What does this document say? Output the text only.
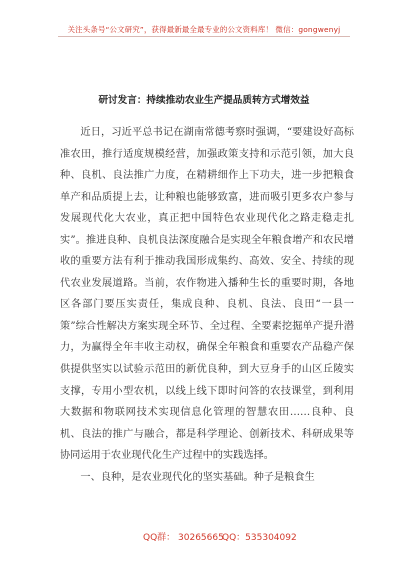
关注头条号“公文研究”，获得最新最全最专业的公文资料库！ 微信：gongwenyj
研讨发言：持续推动农业生产提品质转方式增效益

近日，习近平总书记在湖南常德考察时强调，“要建设好高标准农田，推行适度规模经营，加强政策支持和示范引领，加大良种、良机、良法推广力度，在精耕细作上下功夫，进一步把粮食单产和品质提上去，让种粮也能够致富，进而吸引更多农户参与发展现代化大农业，真正把中国特色农业现代化之路走稳走扎实”。推进良种、良机良法深度融合是实现全年粮食增产和农民增收的重要方法有利于推动我国形成集约、高效、安全、持续的现代农业发展道路。当前，农作物进入播种生长的重要时期，各地区各部门要压实责任，集成良种、良机、良法、良田“一县一策”综合性解决方案实现全环节、全过程、全要素挖掘单产提升潜力，为赢得全年丰收主动权，确保全年粮食和重要农产品稳产保供提供坚实以试验示范田的新优良种，到大豆身手的山区丘陵实支撑，专用小型农机，以线上线下即时问答的农技课堂，到利用大数据和物联网技术实现信息化管理的智慧农田……良种、良机、良法的推广与融合，都是科学理论、创新技术、科研成果等协同运用于农业现代化生产过程中的实践选择。

一、良种，是农业现代化的坚实基础。种子是粮食生

QQ群： 30265665
QQ：535304092
